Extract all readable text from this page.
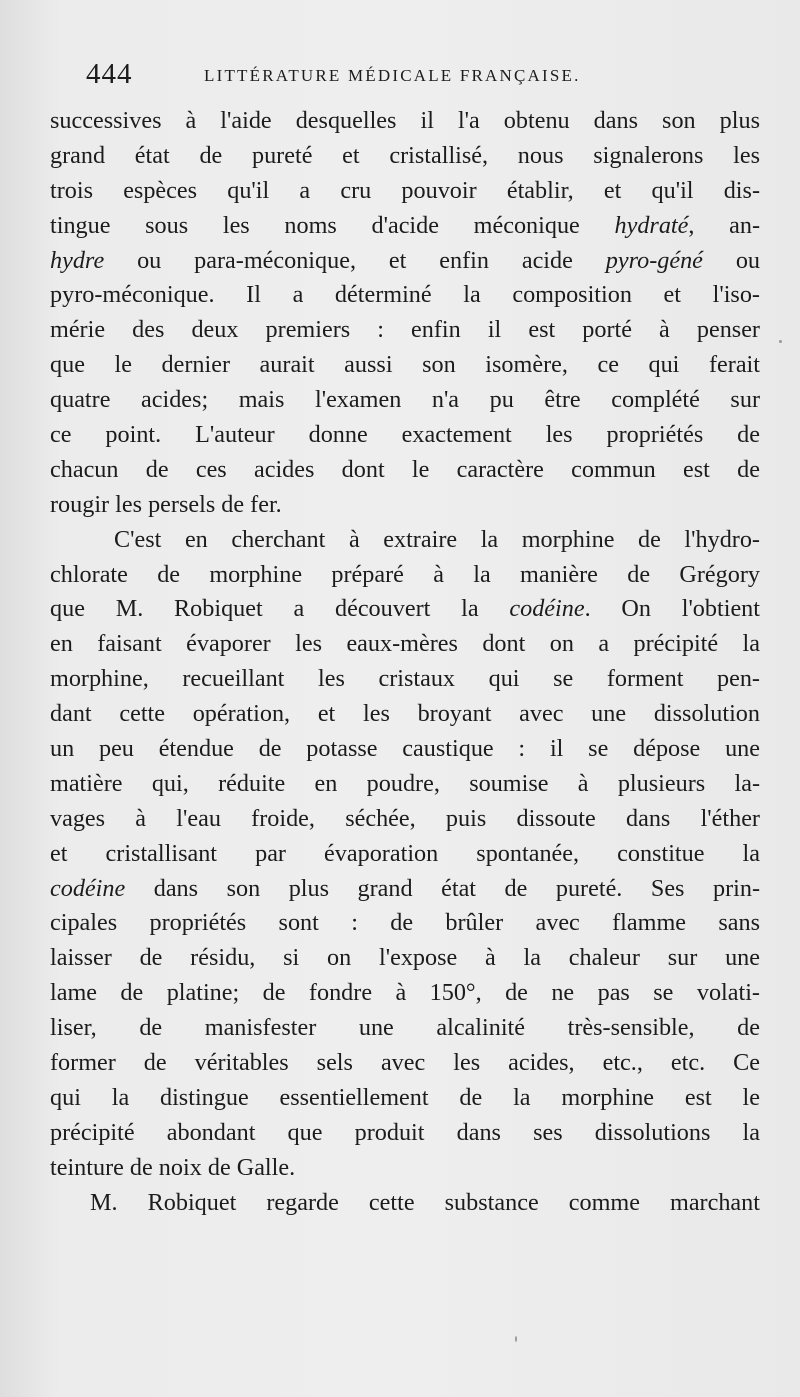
444	LITTÉRATURE MÉDICALE FRANÇAISE.
successives à l'aide desquelles il l'a obtenu dans son plus
grand état de pureté et cristallisé, nous signalerons les
trois espèces qu'il a cru pouvoir établir, et qu'il dis-
tingue sous les noms d'acide méconique hydraté, an-
hydre ou para-méconique, et enfin acide pyro-géné ou
pyro-méconique. Il a déterminé la composition et l'iso-
mérie des deux premiers : enfin il est porté à penser
que le dernier aurait aussi son isomère, ce qui ferait
quatre acides; mais l'examen n'a pu être complété sur
ce point. L'auteur donne exactement les propriétés de
chacun de ces acides dont le caractère commun est de
rougir les persels de fer.
C'est en cherchant à extraire la morphine de l'hydro-
chlorate de morphine préparé à la manière de Grégory
que M. Robiquet a découvert la codéine. On l'obtient
en faisant évaporer les eaux-mères dont on a précipité la
morphine, recueillant les cristaux qui se forment pen-
dant cette opération, et les broyant avec une dissolution
un peu étendue de potasse caustique : il se dépose une
matière qui, réduite en poudre, soumise à plusieurs la-
vages à l'eau froide, séchée, puis dissoute dans l'éther
et cristallisant par évaporation spontanée, constitue la
codéine dans son plus grand état de pureté. Ses prin-
cipales propriétés sont : de brûler avec flamme sans
laisser de résidu, si on l'expose à la chaleur sur une
lame de platine; de fondre à 150°, de ne pas se volati-
liser, de manisfester une alcalinité très-sensible, de
former de véritables sels avec les acides, etc., etc. Ce
qui la distingue essentiellement de la morphine est le
précipité abondant que produit dans ses dissolutions la
teinture de noix de Galle.
M. Robiquet regarde cette substance comme marchant
